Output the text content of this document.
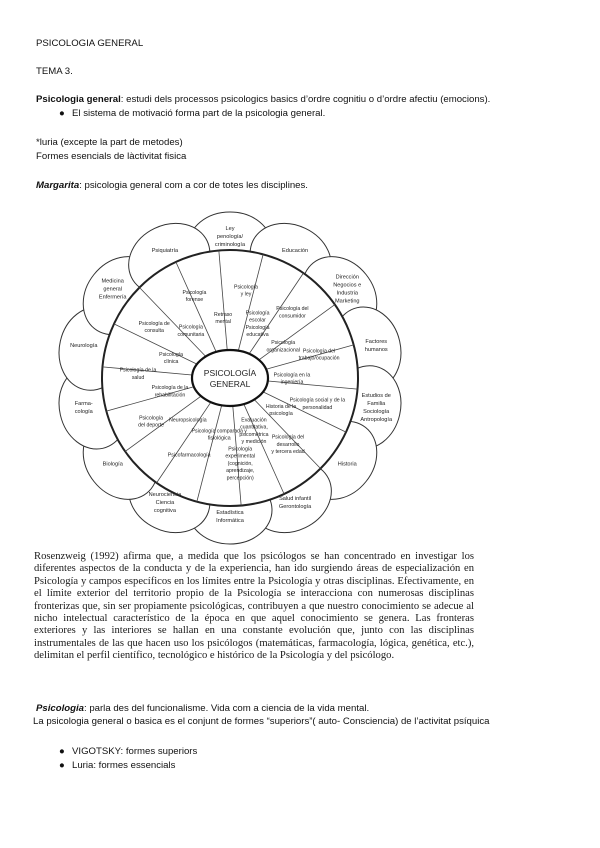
PSICOLOGIA GENERAL
TEMA 3.
Psicologia general: estudi dels processos psicologics basics d’ordre cognitiu o d’ordre afectiu (emocions).
● El sistema de motivació forma part de la psicologia general.
*luria (excepte la part de metodes)
Formes esencials de làctivitat fisica
Margarita: psicologia general com a cor de totes les disciplines.
PSICOLOGÍA
GENERAL
Ley
penología/
criminología
Educación
Dirección
Negocios e
Industria
Marketing
Factores
humanos
Estudios de
Familia
Sociología
Antropología
Historia
Salud infantil
Gerontología
Estadística
Informática
Neurociencia
Ciencia
cognitiva
Biología
Farma-
cología
Neurología
Medicina
general
Enfermería
Psiquiatría
Psicología
y ley
Psicología
escolar
Psicología
educativa
Psicología del
consumidor
Psicología
organizacional Psicología del
trabajo/ocupación
Psicología en la
ingeniería
Psicología social y de la
personalidad
Historia de la
psicología
Psicología del
desarrollo
y tercera edad
Evaluación
cuantitativa,
psicométrica
y medición
Psicología
experimental
(cognición,
aprendizaje,
percepción)
Psicología comparada y
fisiológica
Psicofarmacología
Neuropsicología
Psicología
del deporte
Psicología de la
rehabilitación
Psicología de la
salud
Psicología
clínica
Psicología de
consulta
Psicología
comunitaria
Psicología
forense
Retraso
mental

Rosenzweig (1992) afirma que, a medida que los psicólogos se han concentrado en investigar los diferentes aspectos de la conducta y de la experiencia, han ido surgiendo áreas de especialización en Psicología y campos específicos en los límites entre la Psicología y otras disciplinas. Efectivamente, en el límite exterior del territorio propio de la Psicología se interacciona con numerosas disciplinas fronterizas que, sin ser propiamente psicológicas, contribuyen a que nuestro conocimiento se adecue al nicho intelectual característico de la época en que aquel conocimiento se genera. Las fronteras exteriores y las interiores se hallan en una constante evolución que, junto con las disciplinas instrumentales de las que hacen uso los psicólogos (matemáticas, farmacología, lógica, genética, etc.), delimitan el perfil científico, tecnológico e histórico de la Psicología y del psicólogo.

Psicologia: parla des del funcionalisme. Vida com a ciencia de la vida mental.
La psicologia general o basica es el conjunt de formes “superiors”( auto- Consciencia) de l’activitat psíquica
● VIGOTSKY: formes superiors
● Luria: formes essencials
